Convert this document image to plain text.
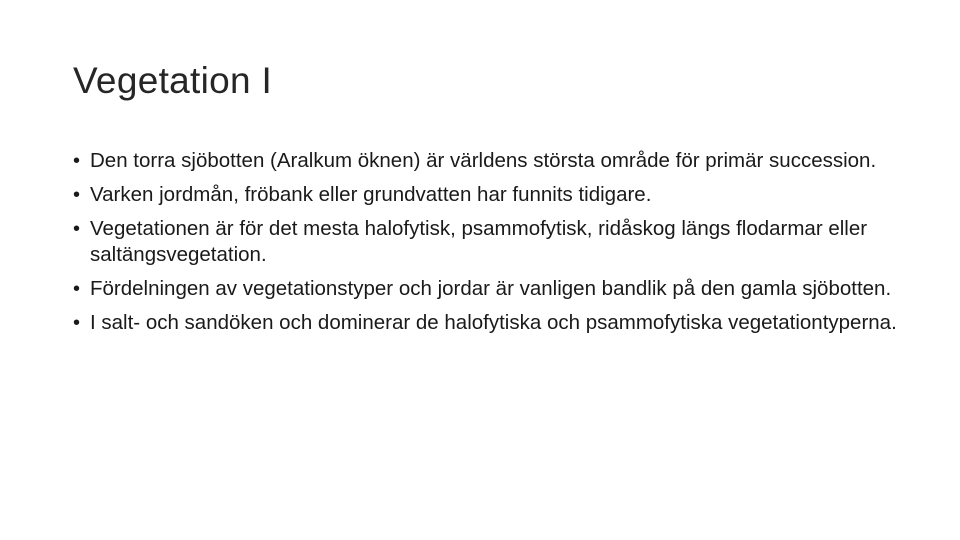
Vegetation I
• Den torra sjöbotten (Aralkum öknen) är världens största område för primär succession.
• Varken jordmån, fröbank eller grundvatten har funnits tidigare.
• Vegetationen är för det mesta halofytisk, psammofytisk, ridåskog längs flodarmar eller saltängsvegetation.
• Fördelningen av vegetationstyper och jordar är vanligen bandlik på den gamla sjöbotten.
• I salt- och sandöken och dominerar de halofytiska och psammofytiska vegetationtyperna.
